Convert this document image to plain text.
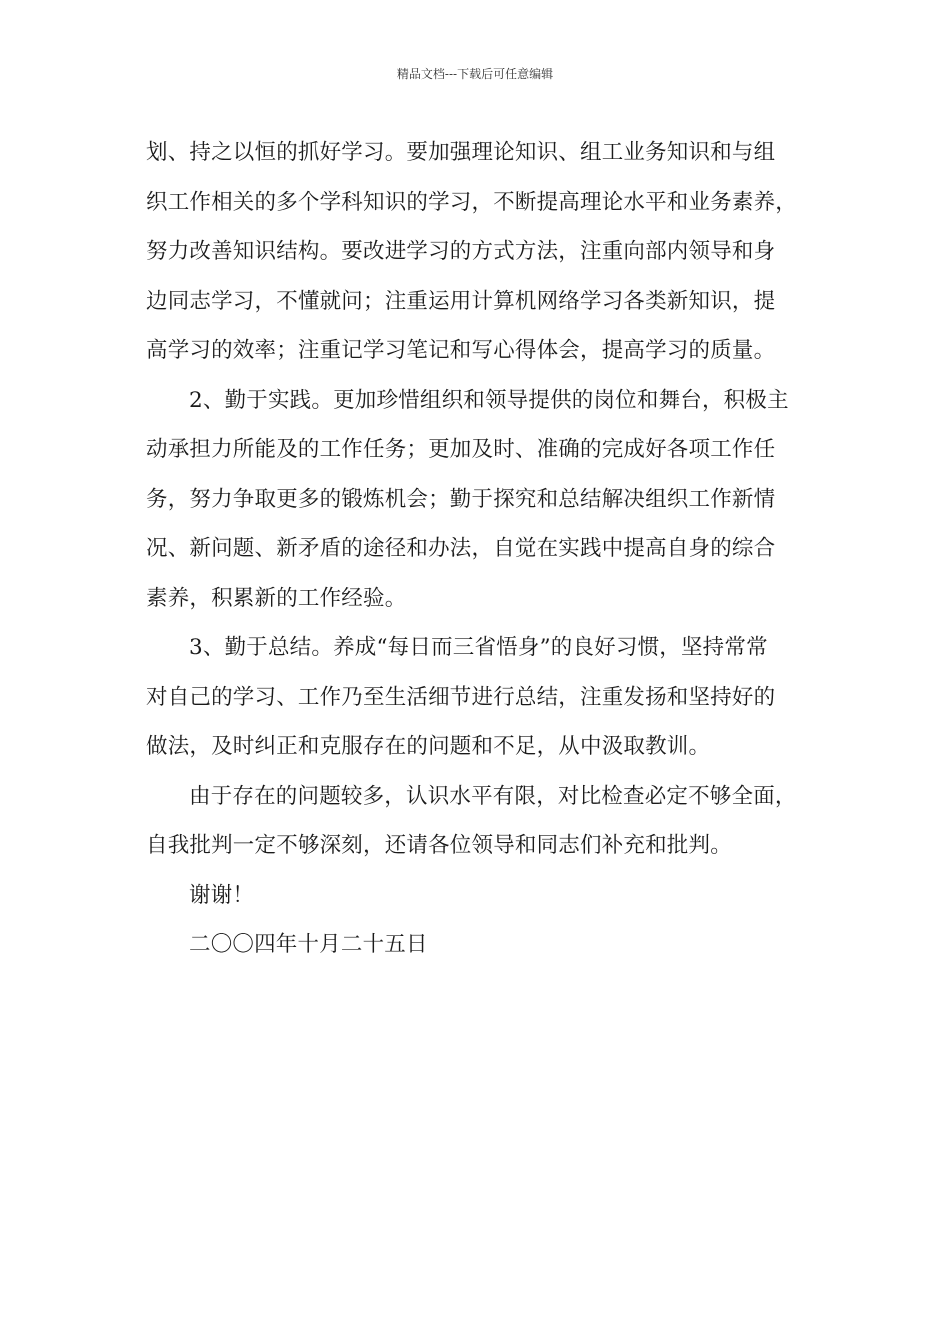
精品文档---下载后可任意编辑
划、持之以恒的抓好学习。要加强理论知识、组工业务知识和与组
织工作相关的多个学科知识的学习，不断提高理论水平和业务素养，
努力改善知识结构。要改进学习的方式方法，注重向部内领导和身
边同志学习，不懂就问；注重运用计算机网络学习各类新知识，提
高学习的效率；注重记学习笔记和写心得体会，提高学习的质量。
2、勤于实践。更加珍惜组织和领导提供的岗位和舞台，积极主
动承担力所能及的工作任务；更加及时、准确的完成好各项工作任
务，努力争取更多的锻炼机会；勤于探究和总结解决组织工作新情
况、新问题、新矛盾的途径和办法，自觉在实践中提高自身的综合
素养，积累新的工作经验。
3、勤于总结。养成“每日而三省悟身”的良好习惯，坚持常常
对自己的学习、工作乃至生活细节进行总结，注重发扬和坚持好的
做法，及时纠正和克服存在的问题和不足，从中汲取教训。
由于存在的问题较多，认识水平有限，对比检查必定不够全面，
自我批判一定不够深刻，还请各位领导和同志们补充和批判。
谢谢！
二〇〇四年十月二十五日
